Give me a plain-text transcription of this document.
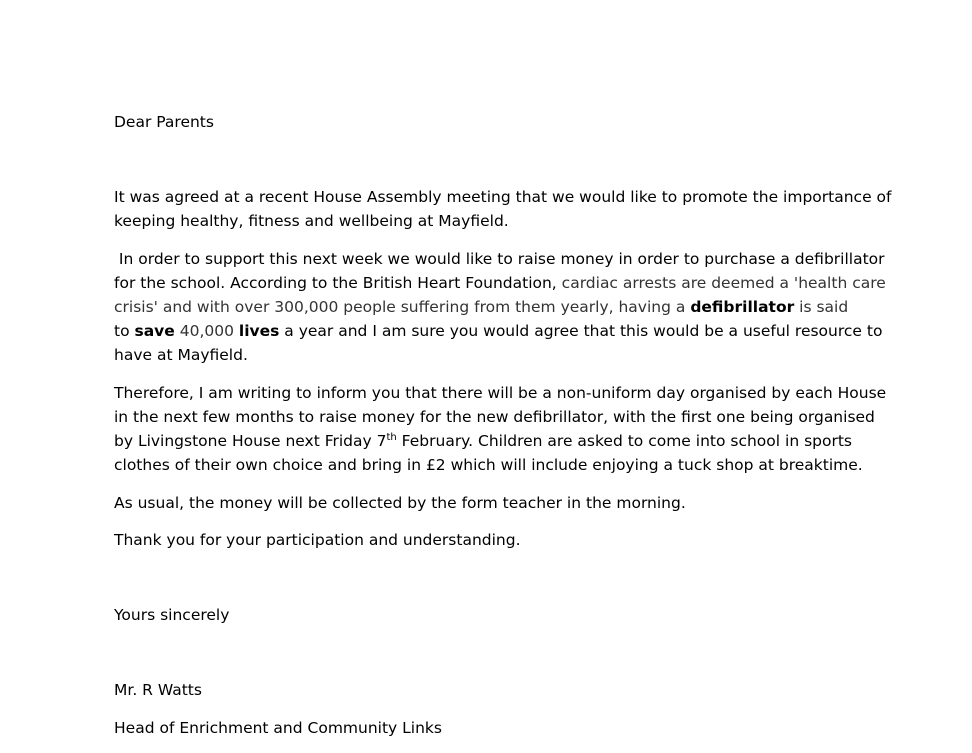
Dear Parents
It was agreed at a recent House Assembly meeting that we would like to promote the importance of
keeping healthy, fitness and wellbeing at Mayfield.
In order to support this next week we would like to raise money in order to purchase a defibrillator
for the school. According to the British Heart Foundation, cardiac arrests are deemed a 'health care
crisis' and with over 300,000 people suffering from them yearly, having a defibrillator is said
to save 40,000 lives a year and I am sure you would agree that this would be a useful resource to
have at Mayfield.
Therefore, I am writing to inform you that there will be a non-uniform day organised by each House
in the next few months to raise money for the new defibrillator, with the first one being organised
by Livingstone House next Friday 7th February. Children are asked to come into school in sports
clothes of their own choice and bring in £2 which will include enjoying a tuck shop at breaktime.
As usual, the money will be collected by the form teacher in the morning.
Thank you for your participation and understanding.
Yours sincerely
Mr. R Watts
Head of Enrichment and Community Links
